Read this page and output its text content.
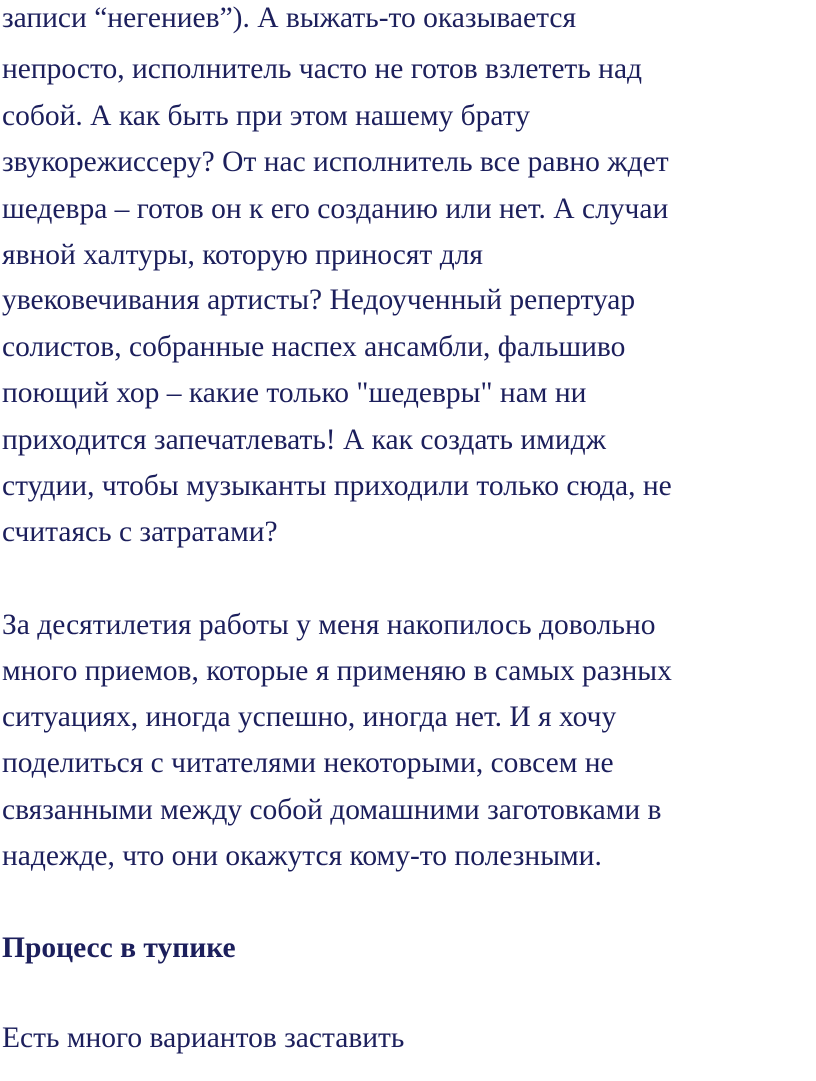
записи “негениев”). А выжать-то оказывается
непросто, исполнитель часто не готов взлететь над
собой. А как быть при этом нашему брату
звукорежиссеру? От нас исполнитель все равно ждет
шедевра – готов он к его созданию или нет. А случаи
явной халтуры, которую приносят для
увековечивания артисты? Недоученный репертуар
солистов, собранные наспех ансамбли, фальшиво
поющий хор – какие только "шедевры" нам ни
приходится запечатлевать! А как создать имидж
студии, чтобы музыканты приходили только сюда, не
считаясь с затратами?
За десятилетия работы у меня накопилось довольно
много приемов, которые я применяю в самых разных
ситуациях, иногда успешно, иногда нет. И я хочу
поделиться с читателями некоторыми, совсем не
связанными между собой домашними заготовками в
надежде, что они окажутся кому-то полезными.
Процесс в тупике
Есть много вариантов заставить
